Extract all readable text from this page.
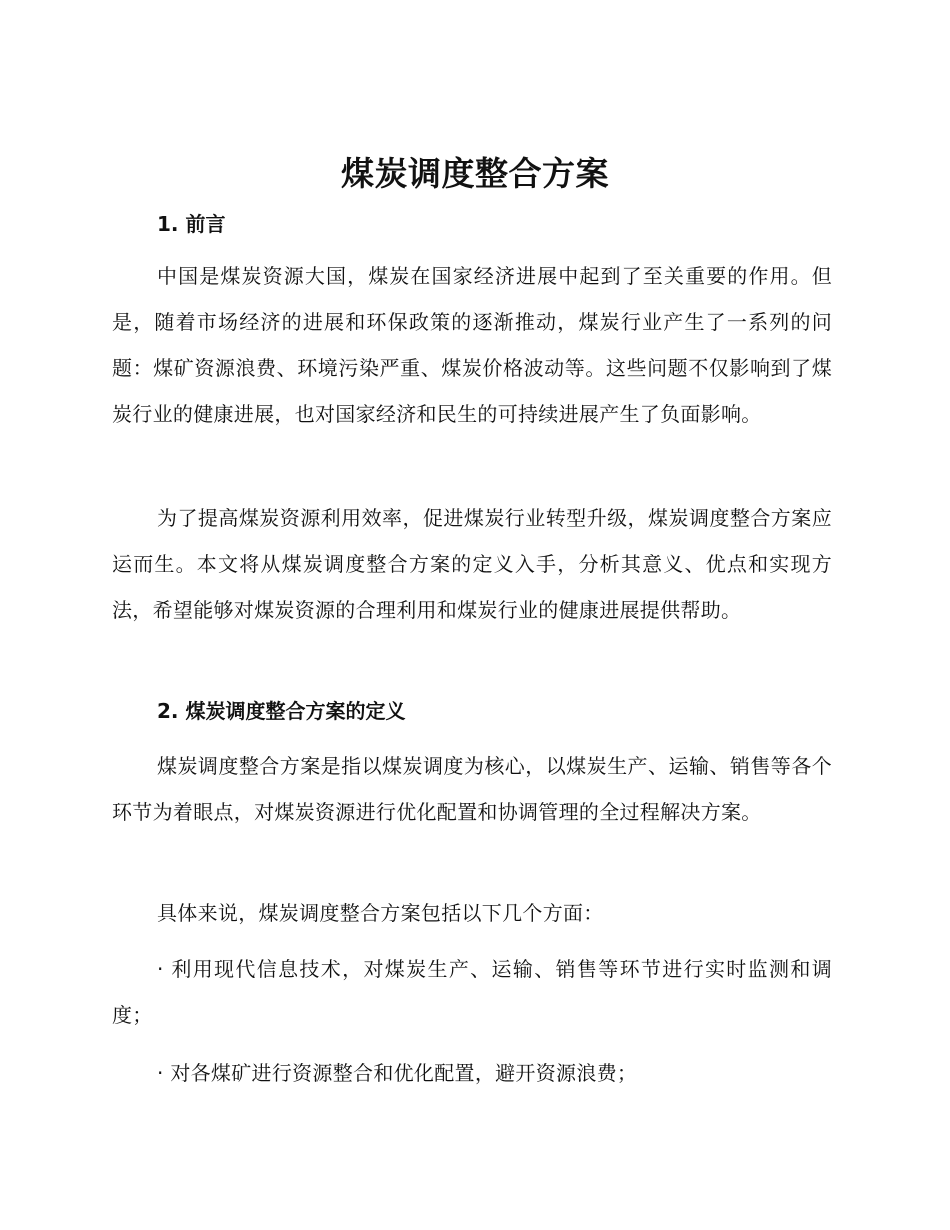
煤炭调度整合方案
1. 前言

中国是煤炭资源大国，煤炭在国家经济进展中起到了至关重要的作用。但是，随着市场经济的进展和环保政策的逐渐推动，煤炭行业产生了一系列的问题：煤矿资源浪费、环境污染严重、煤炭价格波动等。这些问题不仅影响到了煤炭行业的健康进展，也对国家经济和民生的可持续进展产生了负面影响。

为了提高煤炭资源利用效率，促进煤炭行业转型升级，煤炭调度整合方案应运而生。本文将从煤炭调度整合方案的定义入手，分析其意义、优点和实现方法，希望能够对煤炭资源的合理利用和煤炭行业的健康进展提供帮助。

2. 煤炭调度整合方案的定义

煤炭调度整合方案是指以煤炭调度为核心，以煤炭生产、运输、销售等各个环节为着眼点，对煤炭资源进行优化配置和协调管理的全过程解决方案。

具体来说，煤炭调度整合方案包括以下几个方面：

· 利用现代信息技术，对煤炭生产、运输、销售等环节进行实时监测和调度；

· 对各煤矿进行资源整合和优化配置，避开资源浪费；
